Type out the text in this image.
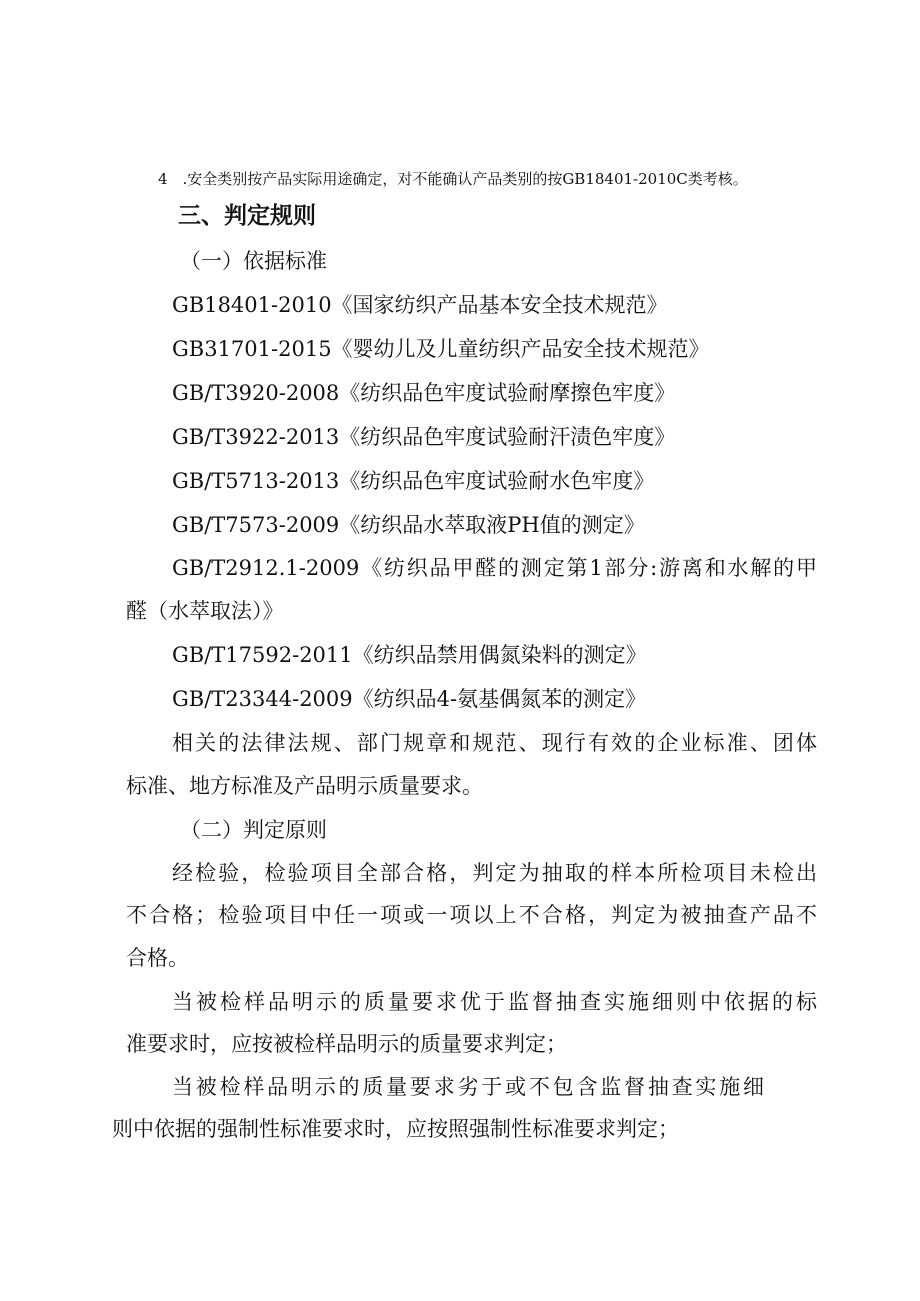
4　.安全类别按产品实际用途确定，对不能确认产品类别的按GB18401-2010C类考核。
三、判定规则
（一）依据标准
GB18401-2010《国家纺织产品基本安全技术规范》
GB31701-2015《婴幼儿及儿童纺织产品安全技术规范》
GB/T3920-2008《纺织品色牢度试验耐摩擦色牢度》
GB/T3922-2013《纺织品色牢度试验耐汗渍色牢度》
GB/T5713-2013《纺织品色牢度试验耐水色牢度》
GB/T7573-2009《纺织品水萃取液PH值的测定》
GB/T2912.1-2009《纺织品甲醛的测定第1部分:游离和水解的甲
醛（水萃取法）》
GB/T17592-2011《纺织品禁用偶氮染料的测定》
GB/T23344-2009《纺织品4-氨基偶氮苯的测定》
相关的法律法规、部门规章和规范、现行有效的企业标准、团体
标准、地方标准及产品明示质量要求。
（二）判定原则
经检验，检验项目全部合格，判定为抽取的样本所检项目未检出
不合格；检验项目中任一项或一项以上不合格，判定为被抽查产品不
合格。
当被检样品明示的质量要求优于监督抽查实施细则中依据的标
准要求时，应按被检样品明示的质量要求判定；
当被检样品明示的质量要求劣于或不包含监督抽查实施细
则中依据的强制性标准要求时，应按照强制性标准要求判定；
